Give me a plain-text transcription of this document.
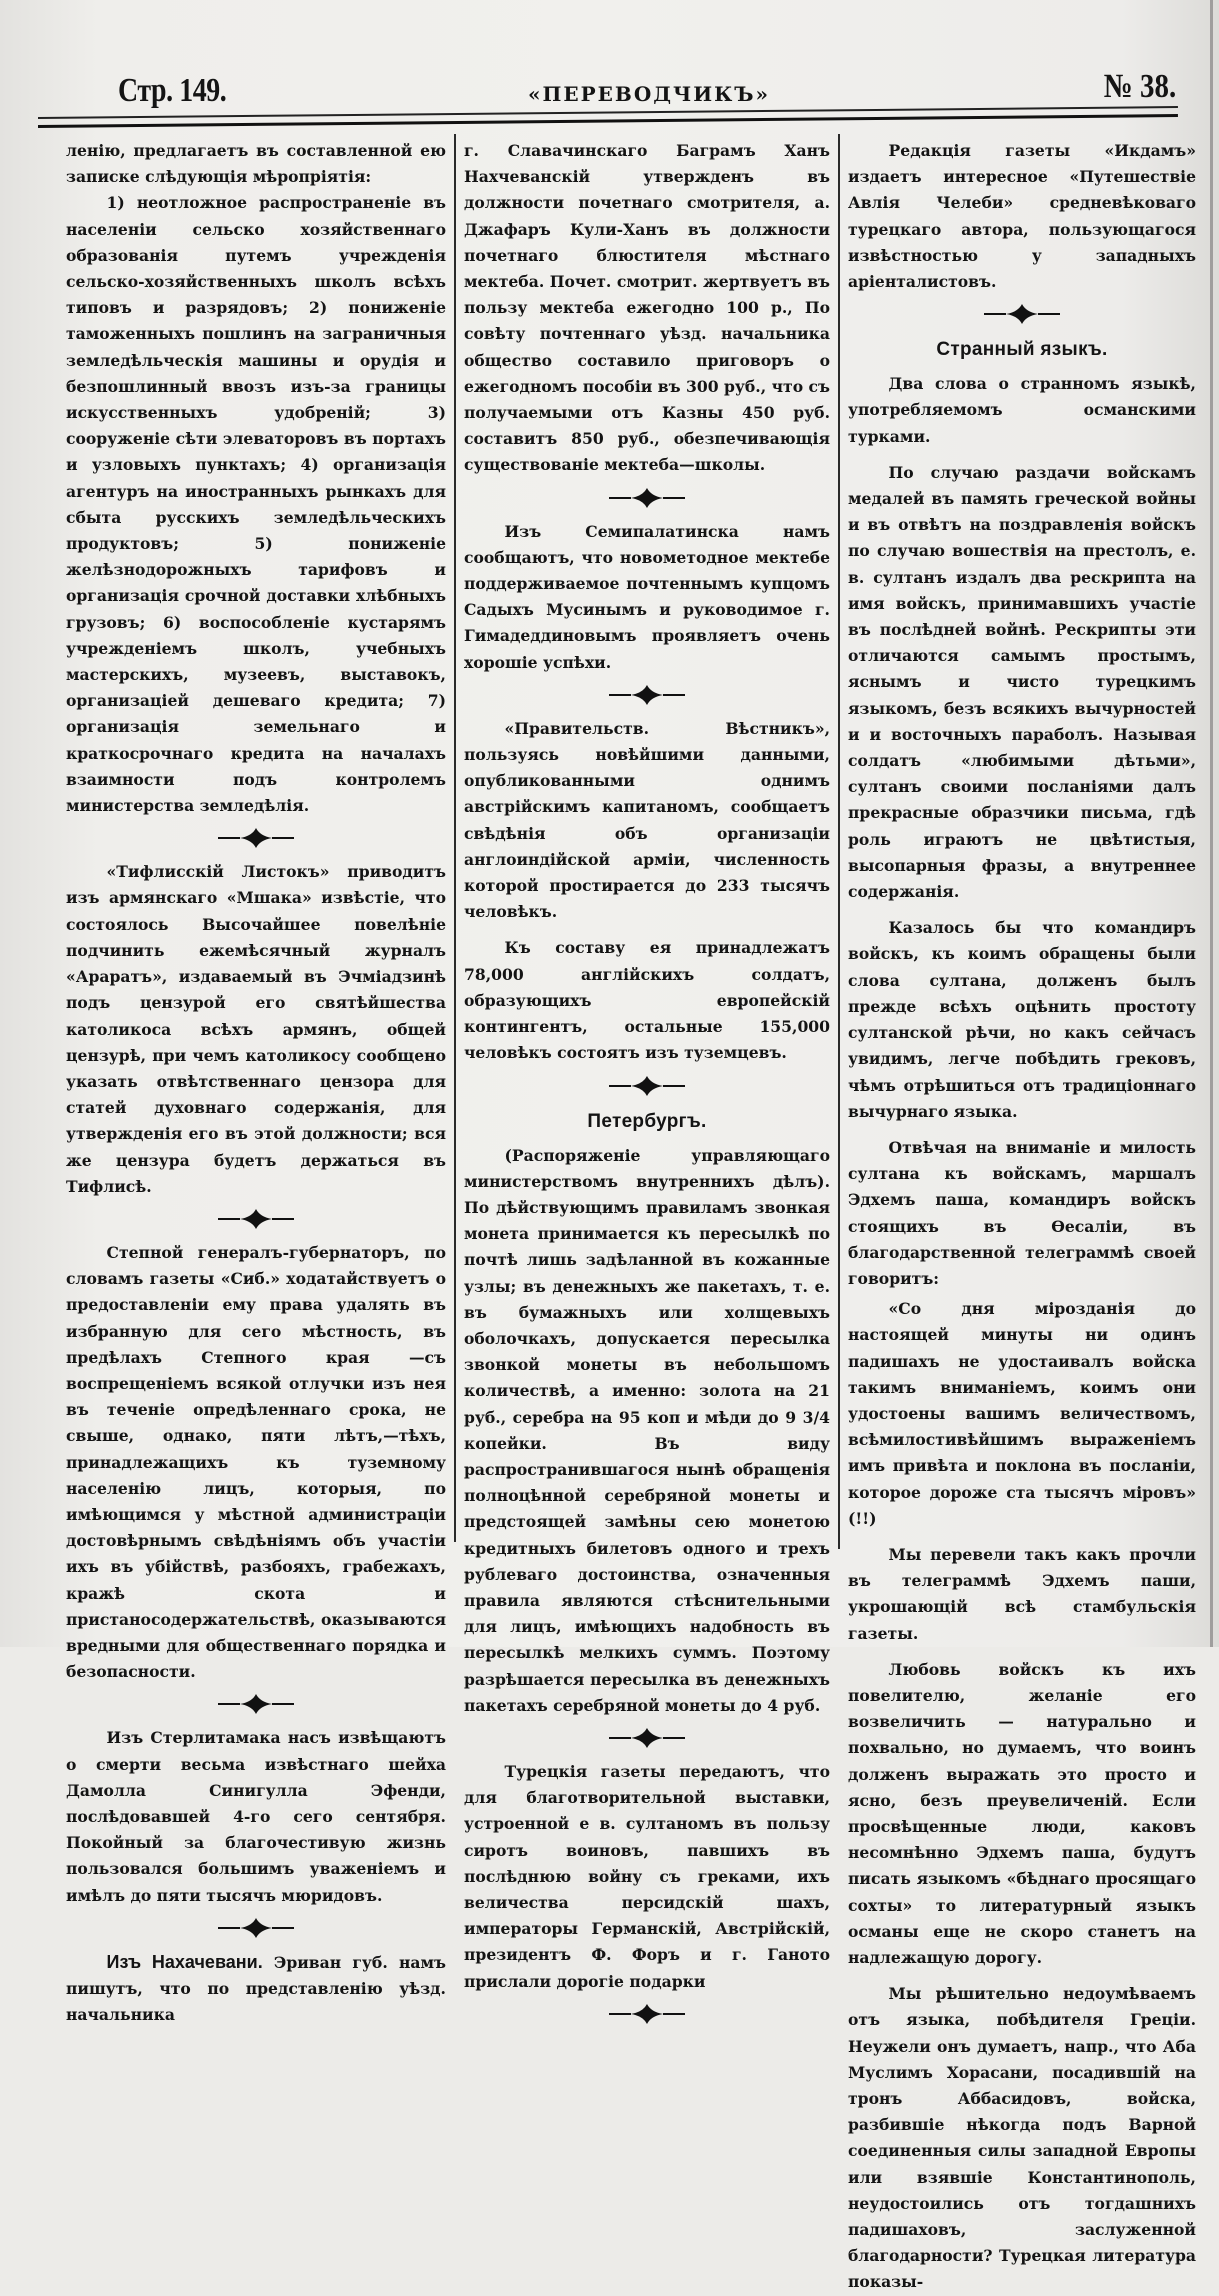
Стр. 149.	«ПЕРЕВОДЧИКЪ»	№ 38.

ленію, предлагаетъ въ составленной ею записке слѣдующія мѣропріятія:

1) неотложное распространеніе въ населеніи сельско хозяйственнаго образованія путемъ учрежденія сельско-хозяйственныхъ школъ всѣхъ типовъ и разрядовъ; 2) пониженіе таможенныхъ пошлинъ на заграничныя земледѣльческія машины и орудія и безпошлинный ввозъ изъ-за границы искусственныхъ удобреній; 3) сооруженіе сѣти элеваторовъ въ портахъ и узловыхъ пунктахъ; 4) организація агентуръ на иностранныхъ рынкахъ для сбыта русскихъ земледѣльческихъ продуктовъ; 5) пониженіе желѣзнодорожныхъ тарифовъ и организація срочной доставки хлѣбныхъ грузовъ; 6) воспособленіе кустарямъ учрежденіемъ школъ, учебныхъ мастерскихъ, музеевъ, выставокъ, организаціей дешеваго кредита; 7) организація земельнаго и краткосрочнаго кредита на началахъ взаимности подъ контролемъ министерства земледѣлія.

«Тифлисскій Листокъ» приводитъ изъ армянскаго «Мшака» извѣстіе, что состоялось Высочайшее повелѣніе подчинить ежемѣсячный журналъ «Араратъ», издаваемый въ Эчміадзинѣ подъ цензурой его святѣйшества католикоса всѣхъ армянъ, общей цензурѣ, при чемъ католикосу сообщено указать отвѣтственнаго цензора для статей духовнаго содержанія, для утвержденія его въ этой должности; вся же цензура будетъ держаться въ Тифлисѣ.

Степной генералъ-губернаторъ, по словамъ газеты «Сиб.» ходатайствуетъ о предоставленіи ему права удалять въ избранную для сего мѣстность, въ предѣлахъ Степного края —съ воспрещеніемъ всякой отлучки изъ нея въ теченіе опредѣленнаго срока, не свыше, однако, пяти лѣтъ,—тѣхъ, принадлежащихъ къ туземному населенію лицъ, которыя, по имѣющимся у мѣстной администраціи достовѣрнымъ свѣдѣніямъ объ участіи ихъ въ убійствѣ, разбояхъ, грабежахъ, кражѣ скота и пристаносодержательствѣ, оказываются вредными для общественнаго порядка и безопасности.

Изъ Стерлитамака насъ извѣщаютъ о смерти весьма извѣстнаго шейха Дамолла Синигулла Эфенди, послѣдовавшей 4-го сего сентября. Покойный за благочестивую жизнь пользовался большимъ уваженіемъ и имѣлъ до пяти тысячъ мюридовъ.

Изъ Нахачевани. Эриван губ. намъ пишутъ, что по представленію уѣзд. начальника

г. Славачинскаго Баграмъ Ханъ Нахчеванскій утвержденъ въ должности почетнаго смотрителя, а. Джафаръ Кули-Ханъ въ должности почетнаго блюстителя мѣстнаго мектеба. Почет. смотрит. жертвуетъ въ пользу мектеба ежегодно 100 р., По совѣту почтеннаго уѣзд. начальника общество составило приговоръ о ежегодномъ пособіи въ 300 руб., что съ получаемыми отъ Казны 450 руб. составитъ 850 руб., обезпечивающія существованіе мектеба—школы.

Изъ Семипалатинска намъ сообщаютъ, что новометодное мектебе поддерживаемое почтеннымъ купцомъ Садыхъ Мусинымъ и руководимое г. Гимадеддиновымъ проявляетъ очень хорошіе успѣхи.

«Правительств. Вѣстникъ», пользуясь новѣйшими данными, опубликованными однимъ австрійскимъ капитаномъ, сообщаетъ свѣдѣнія объ организаціи англоиндійской арміи, численность которой простирается до 233 тысячъ человѣкъ.

Къ составу ея принадлежатъ 78,000 англійскихъ солдатъ, образующихъ европейскій контингентъ, остальные 155,000 человѣкъ состоятъ изъ туземцевъ.

Петербургъ.

(Распоряженіе управляющаго министерствомъ внутреннихъ дѣлъ). По дѣйствующимъ правиламъ звонкая монета принимается къ пересылкѣ по почтѣ лишь задѣланной въ кожанные узлы; въ денежныхъ же пакетахъ, т. е. въ бумажныхъ или холщевыхъ оболочкахъ, допускается пересылка звонкой монеты въ небольшомъ количествѣ, а именно: золота на 21 руб., серебра на 95 коп и мѣди до 9 3/4 копейки. Въ виду распространившагося нынѣ обращенія полноцѣнной серебряной монеты и предстоящей замѣны сею монетою кредитныхъ билетовъ одного и трехъ рублеваго достоинства, означенныя правила являются стѣснительными для лицъ, имѣющихъ надобность въ пересылкѣ мелкихъ суммъ. Поэтому разрѣшается пересылка въ денежныхъ пакетахъ серебряной монеты до 4 руб.

Турецкія газеты передаютъ, что для благотворительной выставки, устроенной е в. султаномъ въ пользу сиротъ воиновъ, павшихъ въ послѣднюю войну съ греками, ихъ величества персидскій шахъ, императоры Германскій, Австрійскій, президентъ Ф. Форъ и г. Ганото прислали дорогіе подарки

Редакція газеты «Икдамъ» издаетъ интересное «Путешествіе Авлія Челеби» средневѣковаго турецкаго автора, пользующагося извѣстностью у западныхъ аріенталистовъ.

Странный языкъ.

Два слова о странномъ языкѣ, употребляемомъ османскими турками.

По случаю раздачи войскамъ медалей въ память греческой войны и въ отвѣтъ на поздравленія войскъ по случаю вошествія на престолъ, е. в. султанъ издалъ два рескрипта на имя войскъ, принимавшихъ участіе въ послѣдней войнѣ. Рескрипты эти отличаются самымъ простымъ, яснымъ и чисто турецкимъ языкомъ, безъ всякихъ вычурностей и и восточныхъ параболъ. Называя солдатъ «любимыми дѣтьми», султанъ своими посланіями далъ прекрасные образчики письма, гдѣ роль играютъ не цвѣтистыя, высопарныя фразы, а внутреннее содержанія.

Казалось бы что командиръ войскъ, къ коимъ обращены были слова султана, долженъ былъ прежде всѣхъ оцѣнить простоту султанской рѣчи, но какъ сейчасъ увидимъ, легче побѣдить грековъ, чѣмъ отрѣшиться отъ традиціоннаго вычурнаго языка.

Отвѣчая на вниманіе и милость султана къ войскамъ, маршалъ Эдхемъ паша, командиръ войскъ стоящихъ въ Ѳесаліи, въ благодарственной телеграммѣ своей говоритъ:

«Со дня мірозданія до настоящей минуты ни одинъ падишахъ не удостаивалъ войска такимъ вниманіемъ, коимъ они удостоены вашимъ величествомъ, всѣмилостивѣйшимъ выраженіемъ имъ привѣта и поклона въ посланіи, которое дороже ста тысячъ міровъ» (!!)

Мы перевели такъ какъ прочли въ телеграммѣ Эдхемъ паши, укрошающій всѣ стамбульскія газеты.

Любовь войскъ къ ихъ повелителю, желаніе его возвеличить — натурально и похвально, но думаемъ, что воинъ долженъ выражать это просто и ясно, безъ преувеличеній. Если просвѣщенные люди, каковъ несомнѣнно Эдхемъ паша, будутъ писать языкомъ «бѣднаго просящаго сохты» то литературный языкъ османы еще не скоро станетъ на надлежащую дорогу.

Мы рѣшительно недоумѣваемъ отъ языка, побѣдителя Греціи. Неужели онъ думаетъ, напр., что Аба Муслимъ Хорасани, посадившій на тронъ Аббасидовъ, войска, разбившіе нѣкогда подъ Варной соединенныя силы западной Европы или взявшіе Константинополь, неудостоились отъ тогдашнихъ падишаховъ, заслуженной благодарности? Турецкая литература показы-
